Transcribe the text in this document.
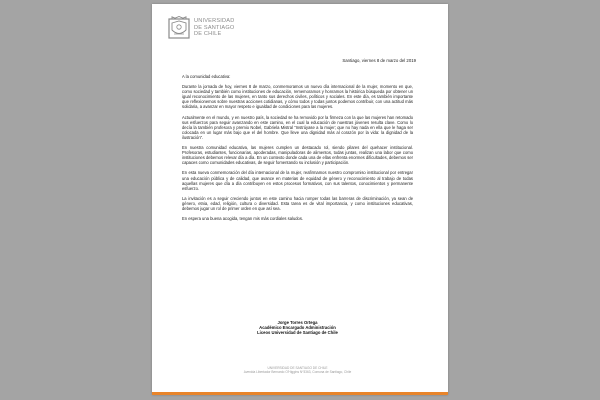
UNIVERSIDAD
DE SANTIAGO
DE CHILE
Santiago, viernes 8 de marzo del 2019

A la comunidad educativa:

Durante la jornada de hoy, viernes 8 de marzo, conmemoramos un nuevo día internacional de la mujer, momento en que, como sociedad y también como instituciones de educación, rememoramos y honramos la histórica búsqueda por obtener un igual reconocimiento de las mujeres, en tanto sus derechos civiles, políticos y sociales. En este día, es también importante que reflexionemos sobre nuestras acciones cotidianas, y cómo todos y todas juntos podemos contribuir, con una actitud más solidaria, a avanzar en mayor respeto e igualdad de condiciones para las mujeres.

Actualmente en el mundo, y en nuestro país, la sociedad se ha removido por la firmeza con la que las mujeres han retomado sus esfuerzos para seguir avanzando en este camino, en el cual la educación de nuestras jóvenes resulta clave. Como lo decía la también profesora y premio Nobel, Gabriela Mistral “Instrúyase a la mujer; que no hay nada en ella que le haga ser colocada en un lugar más bajo que el del hombre. Que lleve una dignidad más al corazón por la vida: la dignidad de la ilustración”.

En nuestra comunidad educativa, las mujeres cumplen un destacado rol, siendo pilares del quehacer institucional. Profesoras, estudiantes, funcionarias, apoderadas, manipuladoras de alimentos, todas juntas, realizan una labor que como instituciones debemos relevar día a día. En un contexto donde cada una de ellas enfrenta enormes dificultades, debemos ser capaces como comunidades educativas, de seguir fomentando su inclusión y participación.

En esta nueva conmemoración del día internacional de la mujer, reafirmamos nuestro compromiso institucional por entregar una educación pública y de calidad, que avance en materias de equidad de género y reconocimiento al trabajo de todas aquellas mujeres que día a día contribuyen en estos procesos formativos, con sus talentos, conocimientos y permanente esfuerzo.

La invitación es a seguir creciendo juntos en este camino hacia romper todas las barreras de discriminación, ya sean de género, etnia, edad, religión, cultura o diversidad. Esta tarea es de vital importancia, y como instituciones educativas, debemos jugar un rol de primer orden en que así sea.

En espera una buena acogida, tengan mis más cordiales saludos.

Jorge Torres Ortega
Académico Encargado Administración
Liceos Universidad de Santiago de Chile
UNIVERSIDAD DE SANTIAGO DE CHILE
Avenida Libertador Bernardo O'Higgins Nº3363, Comuna de Santiago, Chile
